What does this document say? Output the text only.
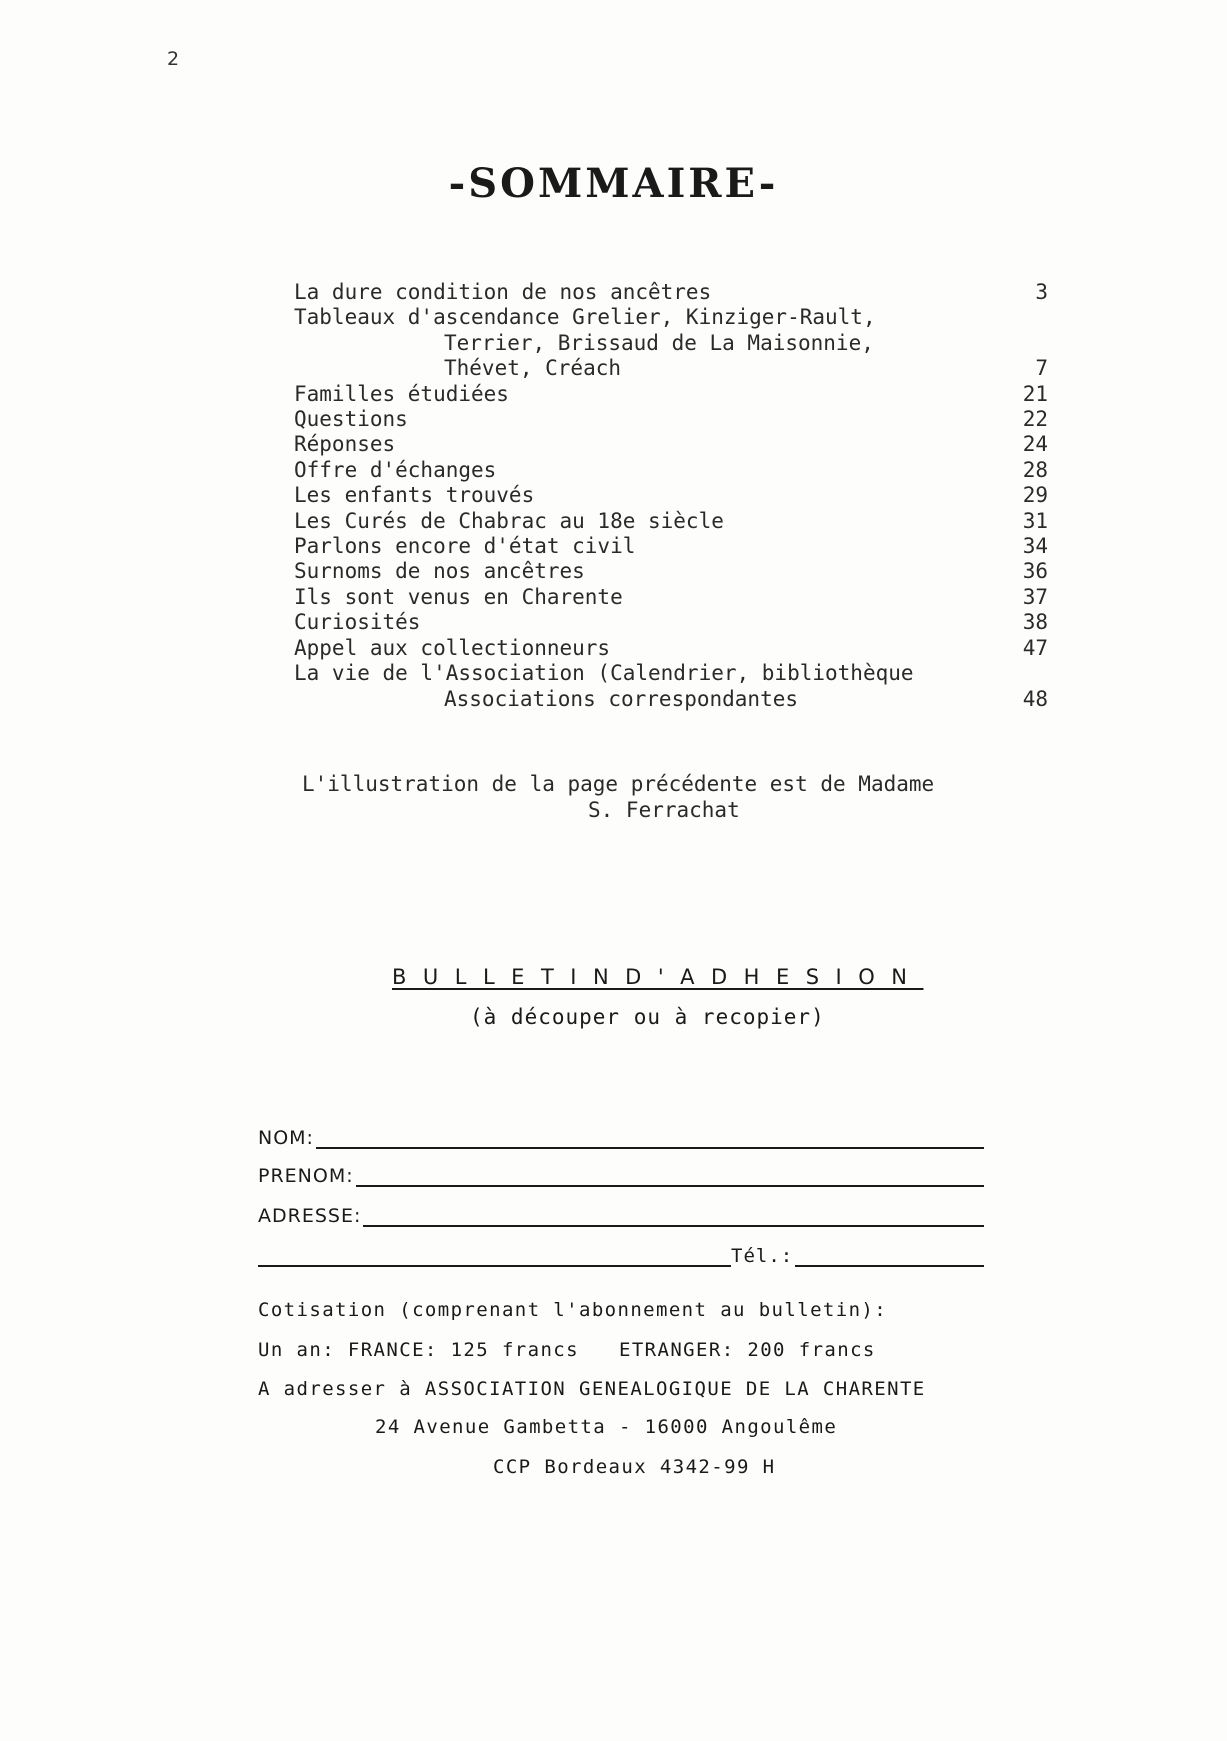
2
-SOMMAIRE-
La dure condition de nos ancêtres	3
Tableaux d'ascendance Grelier, Kinziger-Rault,
Terrier, Brissaud de La Maisonnie,
Thévet, Créach	7
Familles étudiées	21
Questions	22
Réponses	24
Offre d'échanges	28
Les enfants trouvés	29
Les Curés de Chabrac au 18e siècle	31
Parlons encore d'état civil	34
Surnoms de nos ancêtres	36
Ils sont venus en Charente	37
Curiosités	38
Appel aux collectionneurs	47
La vie de l'Association (Calendrier, bibliothèque
Associations correspondantes	48
L'illustration de la page précédente est de Madame
S. Ferrachat
BULLETIND'ADHESION
(à découper ou à recopier)
NOM:
PRENOM:
ADRESSE:
Tél.:
Cotisation (comprenant l'abonnement au bulletin):
Un an: FRANCE: 125 francs ETRANGER: 200 francs
A adresser à ASSOCIATION GENEALOGIQUE DE LA CHARENTE
24 Avenue Gambetta - 16000 Angoulême
CCP Bordeaux 4342-99 H
